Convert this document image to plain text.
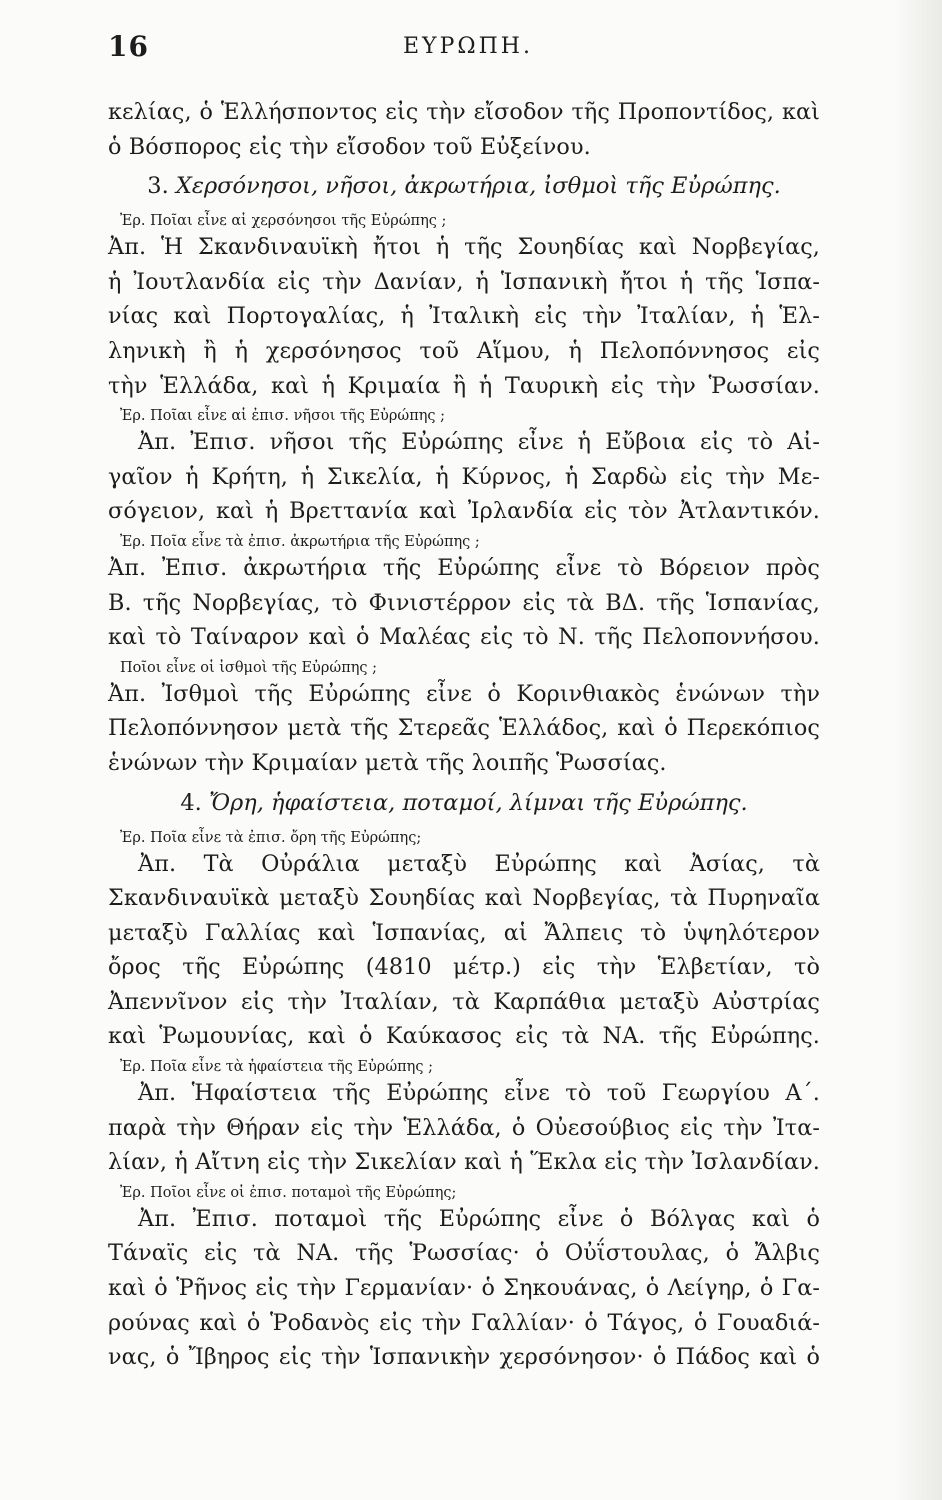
16	ΕΥΡΩΠΗ.
κελίας, ὁ Ἑλλήσποντος εἰς τὴν εἴσοδον τῆς Προποντίδος, καὶ
ὁ Βόσπορος εἰς τὴν εἴσοδον τοῦ Εὐξείνου.
3. Χερσόνησοι, νῆσοι, ἀκρωτήρια, ἰσθμοὶ τῆς Εὐρώπης.
Ἐρ. Ποῖαι εἶνε αἱ χερσόνησοι τῆς Εὐρώπης ;
Ἀπ. Ἡ Σκανδιναυϊκὴ ἤτοι ἡ τῆς Σουηδίας καὶ Νορβεγίας,
ἡ Ἰουτλανδία εἰς τὴν Δανίαν, ἡ Ἱσπανικὴ ἤτοι ἡ τῆς Ἱσπα-
νίας καὶ Πορτογαλίας, ἡ Ἰταλικὴ εἰς τὴν Ἰταλίαν, ἡ Ἑλ-
ληνικὴ ἢ ἡ χερσόνησος τοῦ Αἵμου, ἡ Πελοπόννησος εἰς
τὴν Ἑλλάδα, καὶ ἡ Κριμαία ἢ ἡ Ταυρικὴ εἰς τὴν Ῥωσσίαν.
Ἐρ. Ποῖαι εἶνε αἱ ἐπισ. νῆσοι τῆς Εὐρώπης ;
Ἀπ. Ἐπισ. νῆσοι τῆς Εὐρώπης εἶνε ἡ Εὔβοια εἰς τὸ Αἰ-
γαῖον ἡ Κρήτη, ἡ Σικελία, ἡ Κύρνος, ἡ Σαρδὼ εἰς τὴν Με-
σόγειον, καὶ ἡ Βρεττανία καὶ Ἰρλανδία εἰς τὸν Ἀτλαντικόν.
Ἐρ. Ποῖα εἶνε τὰ ἐπισ. ἀκρωτήρια τῆς Εὐρώπης ;
Ἀπ. Ἐπισ. ἀκρωτήρια τῆς Εὐρώπης εἶνε τὸ Βόρειον πρὸς
Β. τῆς Νορβεγίας, τὸ Φινιστέρρον εἰς τὰ ΒΔ. τῆς Ἱσπανίας,
καὶ τὸ Ταίναρον καὶ ὁ Μαλέας εἰς τὸ Ν. τῆς Πελοποννήσου.
Ποῖοι εἶνε οἱ ἰσθμοὶ τῆς Εὐρώπης ;
Ἀπ. Ἰσθμοὶ τῆς Εὐρώπης εἶνε ὁ Κορινθιακὸς ἑνώνων τὴν
Πελοπόννησον μετὰ τῆς Στερεᾶς Ἑλλάδος, καὶ ὁ Περεκόπιος
ἑνώνων τὴν Κριμαίαν μετὰ τῆς λοιπῆς Ῥωσσίας.
4. Ὄρη, ἡφαίστεια, ποταμοί, λίμναι τῆς Εὐρώπης.
Ἐρ. Ποῖα εἶνε τὰ ἐπισ. ὄρη τῆς Εὐρώπης;
Ἀπ. Τὰ Οὐράλια μεταξὺ Εὐρώπης καὶ Ἀσίας, τὰ
Σκανδιναυϊκὰ μεταξὺ Σουηδίας καὶ Νορβεγίας, τὰ Πυρηναῖα
μεταξὺ Γαλλίας καὶ Ἱσπανίας, αἱ Ἄλπεις τὸ ὑψηλότερον
ὄρος τῆς Εὐρώπης (4810 μέτρ.) εἰς τὴν Ἑλβετίαν, τὸ
Ἀπεννῖνον εἰς τὴν Ἰταλίαν, τὰ Καρπάθια μεταξὺ Αὐστρίας
καὶ Ῥωμουνίας, καὶ ὁ Καύκασος εἰς τὰ ΝΑ. τῆς Εὐρώπης.
Ἐρ. Ποῖα εἶνε τὰ ἡφαίστεια τῆς Εὐρώπης ;
Ἀπ. Ἡφαίστεια τῆς Εὐρώπης εἶνε τὸ τοῦ Γεωργίου Α΄.
παρὰ τὴν Θήραν εἰς τὴν Ἑλλάδα, ὁ Οὐεσούβιος εἰς τὴν Ἰτα-
λίαν, ἡ Αἴτνη εἰς τὴν Σικελίαν καὶ ἡ Ἕκλα εἰς τὴν Ἰσλανδίαν.
Ἐρ. Ποῖοι εἶνε οἱ ἐπισ. ποταμοὶ τῆς Εὐρώπης;
Ἀπ. Ἐπισ. ποταμοὶ τῆς Εὐρώπης εἶνε ὁ Βόλγας καὶ ὁ
Τάναϊς εἰς τὰ ΝΑ. τῆς Ῥωσσίας· ὁ Οὐΐστουλας, ὁ Ἄλβις
καὶ ὁ Ῥῆνος εἰς τὴν Γερμανίαν· ὁ Σηκουάνας, ὁ Λείγηρ, ὁ Γα-
ρούνας καὶ ὁ Ῥοδανὸς εἰς τὴν Γαλλίαν· ὁ Τάγος, ὁ Γουαδιά-
νας, ὁ Ἴβηρος εἰς τὴν Ἱσπανικὴν χερσόνησον· ὁ Πάδος καὶ ὁ
